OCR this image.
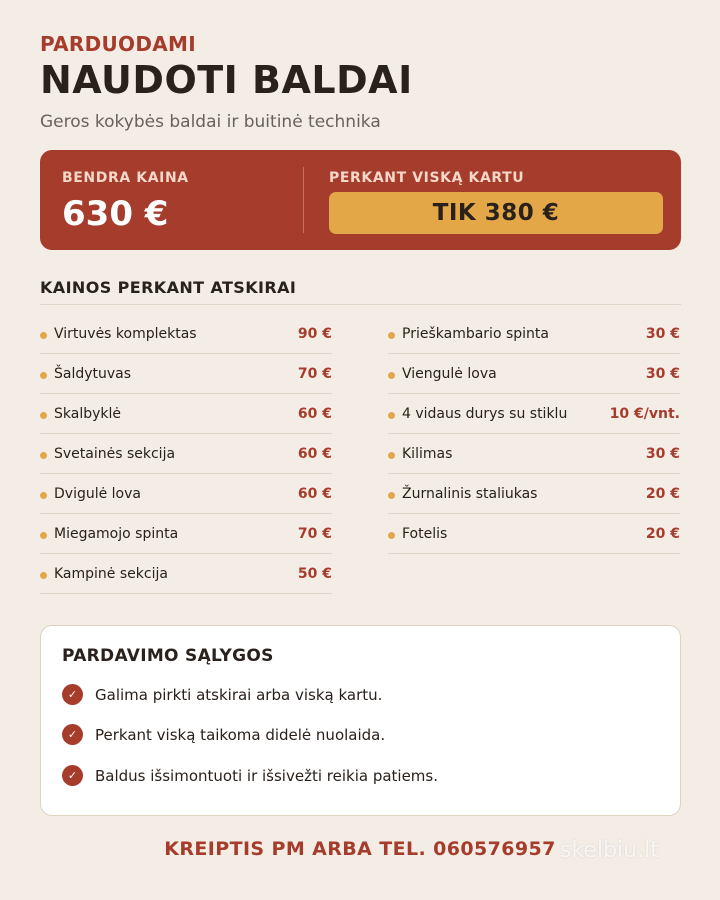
PARDUODAMI
NAUDOTI BALDAI
Geros kokybės baldai ir buitinė technika
BENDRA KAINA
630 €
PERKANT VISKĄ KARTU
TIK 380 €
KAINOS PERKANT ATSKIRAI
Virtuvės komplektas	90 €
Šaldytuvas	70 €
Skalbyklė	60 €
Svetainės sekcija	60 €
Dvigulė lova	60 €
Miegamojo spinta	70 €
Kampinė sekcija	50 €
Prieškambario spinta	30 €
Viengulė lova	30 €
4 vidaus durys su stiklu	10 €/vnt.
Kilimas	30 €
Žurnalinis staliukas	20 €
Fotelis	20 €
PARDAVIMO SĄLYGOS
✓	Galima pirkti atskirai arba viską kartu.
✓	Perkant viską taikoma didelė nuolaida.
✓	Baldus išsimontuoti ir išsivežti reikia patiems.
KREIPTIS PM ARBA TEL. 060576957 skelbiu.lt
